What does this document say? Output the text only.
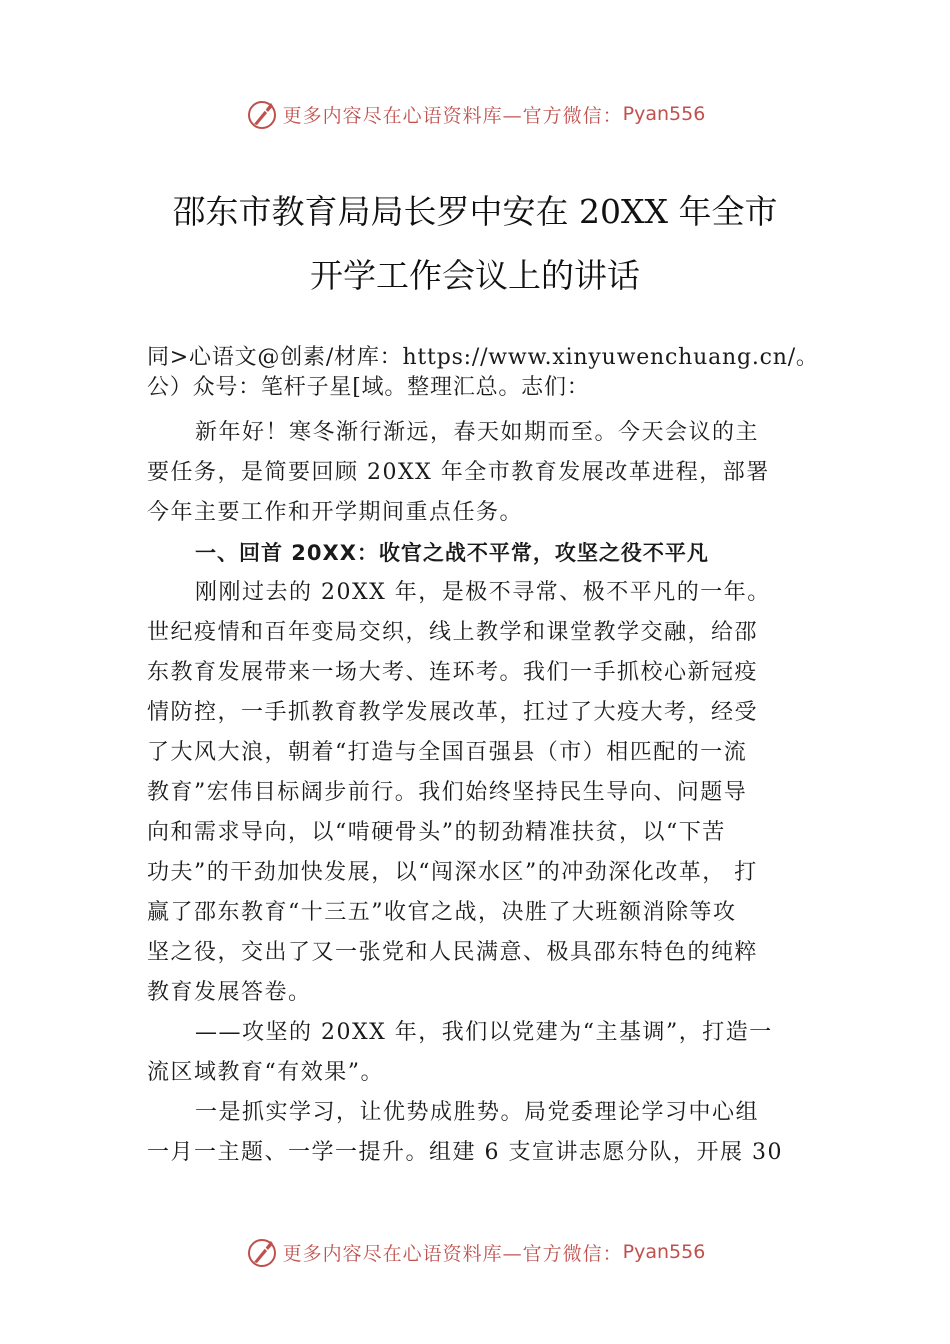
更多内容尽在心语资料库—官方微信： Pyan556
邵东市教育局局长罗中安在 20XX 年全市
开学工作会议上的讲话
同>心语文@创素/材库：https://www.xinyuwenchuang.cn/。
公）众号：笔杆子星[域。整理汇总。志们：
新年好！寒冬渐行渐远，春天如期而至。今天会议的主
要任务，是简要回顾 20XX 年全市教育发展改革进程，部署
今年主要工作和开学期间重点任务。
一、回首 20XX：收官之战不平常，攻坚之役不平凡
刚刚过去的 20XX 年，是极不寻常、极不平凡的一年。
世纪疫情和百年变局交织，线上教学和课堂教学交融，给邵
东教育发展带来一场大考、连环考。我们一手抓校心新冠疫
情防控，一手抓教育教学发展改革，扛过了大疫大考，经受
了大风大浪，朝着“打造与全国百强县（市）相匹配的一流
教育”宏伟目标阔步前行。我们始终坚持民生导向、问题导
向和需求导向，以“啃硬骨头”的韧劲精准扶贫，以“下苦
功夫”的干劲加快发展，以“闯深水区”的冲劲深化改革， 打
赢了邵东教育“十三五”收官之战，决胜了大班额消除等攻
坚之役，交出了又一张党和人民满意、极具邵东特色的纯粹
教育发展答卷。
——攻坚的 20XX 年，我们以党建为“主基调”，打造一
流区域教育“有效果”。
一是抓实学习，让优势成胜势。局党委理论学习中心组
一月一主题、一学一提升。组建 6 支宣讲志愿分队，开展 30
更多内容尽在心语资料库—官方微信： Pyan556
